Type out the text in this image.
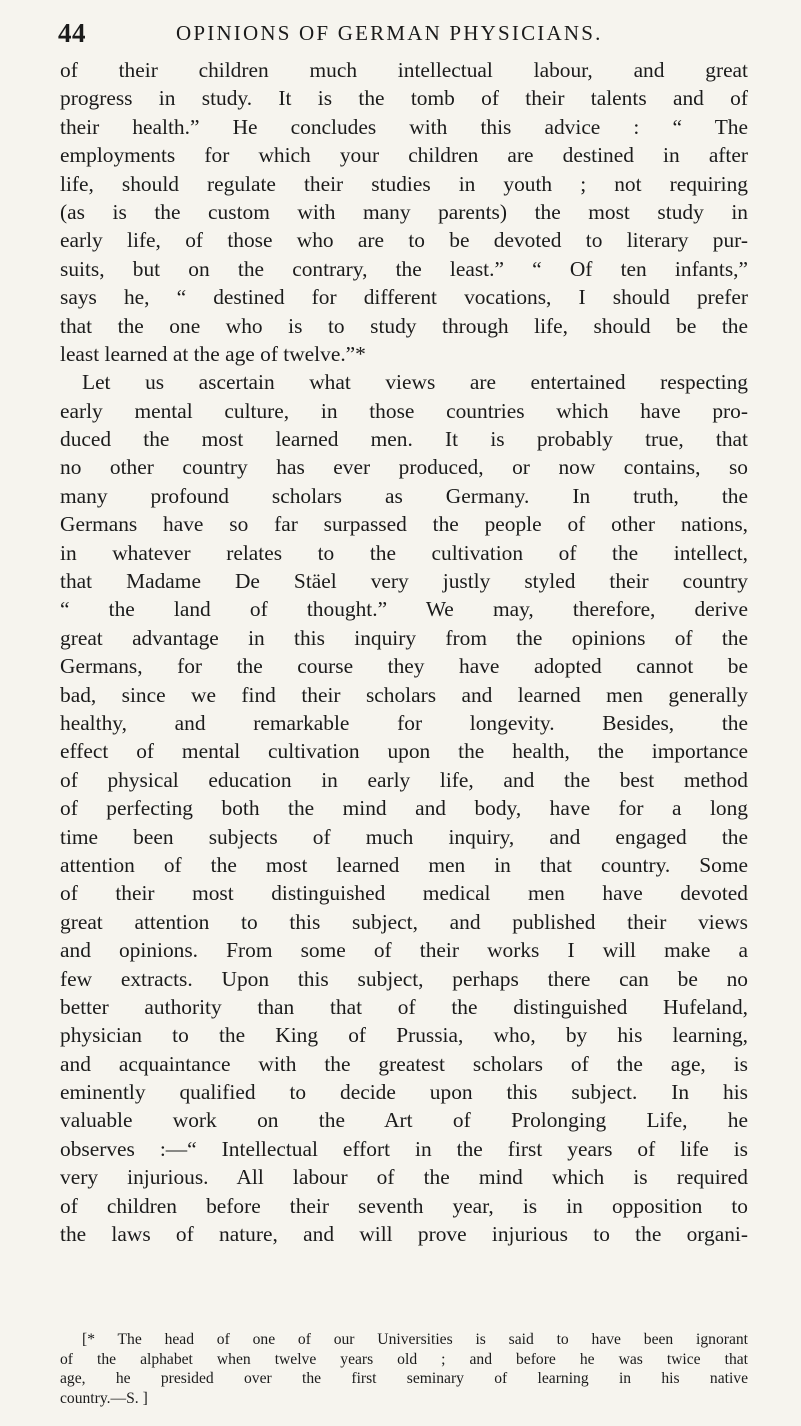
44	OPINIONS OF GERMAN PHYSICIANS.
of their children much intellectual labour, and great
progress in study. It is the tomb of their talents and of
their health.” He concludes with this advice : “ The
employments for which your children are destined in after
life, should regulate their studies in youth ; not requiring
(as is the custom with many parents) the most study in
early life, of those who are to be devoted to literary pur-
suits, but on the contrary, the least.” “ Of ten infants,”
says he, “ destined for different vocations, I should prefer
that the one who is to study through life, should be the
least learned at the age of twelve.”*
Let us ascertain what views are entertained respecting
early mental culture, in those countries which have pro-
duced the most learned men. It is probably true, that
no other country has ever produced, or now contains, so
many profound scholars as Germany. In truth, the
Germans have so far surpassed the people of other nations,
in whatever relates to the cultivation of the intellect,
that Madame De Stäel very justly styled their country
“ the land of thought.” We may, therefore, derive
great advantage in this inquiry from the opinions of the
Germans, for the course they have adopted cannot be
bad, since we find their scholars and learned men generally
healthy, and remarkable for longevity. Besides, the
effect of mental cultivation upon the health, the importance
of physical education in early life, and the best method
of perfecting both the mind and body, have for a long
time been subjects of much inquiry, and engaged the
attention of the most learned men in that country. Some
of their most distinguished medical men have devoted
great attention to this subject, and published their views
and opinions. From some of their works I will make a
few extracts. Upon this subject, perhaps there can be no
better authority than that of the distinguished Hufeland,
physician to the King of Prussia, who, by his learning,
and acquaintance with the greatest scholars of the age, is
eminently qualified to decide upon this subject. In his
valuable work on the Art of Prolonging Life, he
observes :—“ Intellectual effort in the first years of life is
very injurious. All labour of the mind which is required
of children before their seventh year, is in opposition to
the laws of nature, and will prove injurious to the organi-
[* The head of one of our Universities is said to have been ignorant
of the alphabet when twelve years old ; and before he was twice that
age, he presided over the first seminary of learning in his native
country.—S. ]
